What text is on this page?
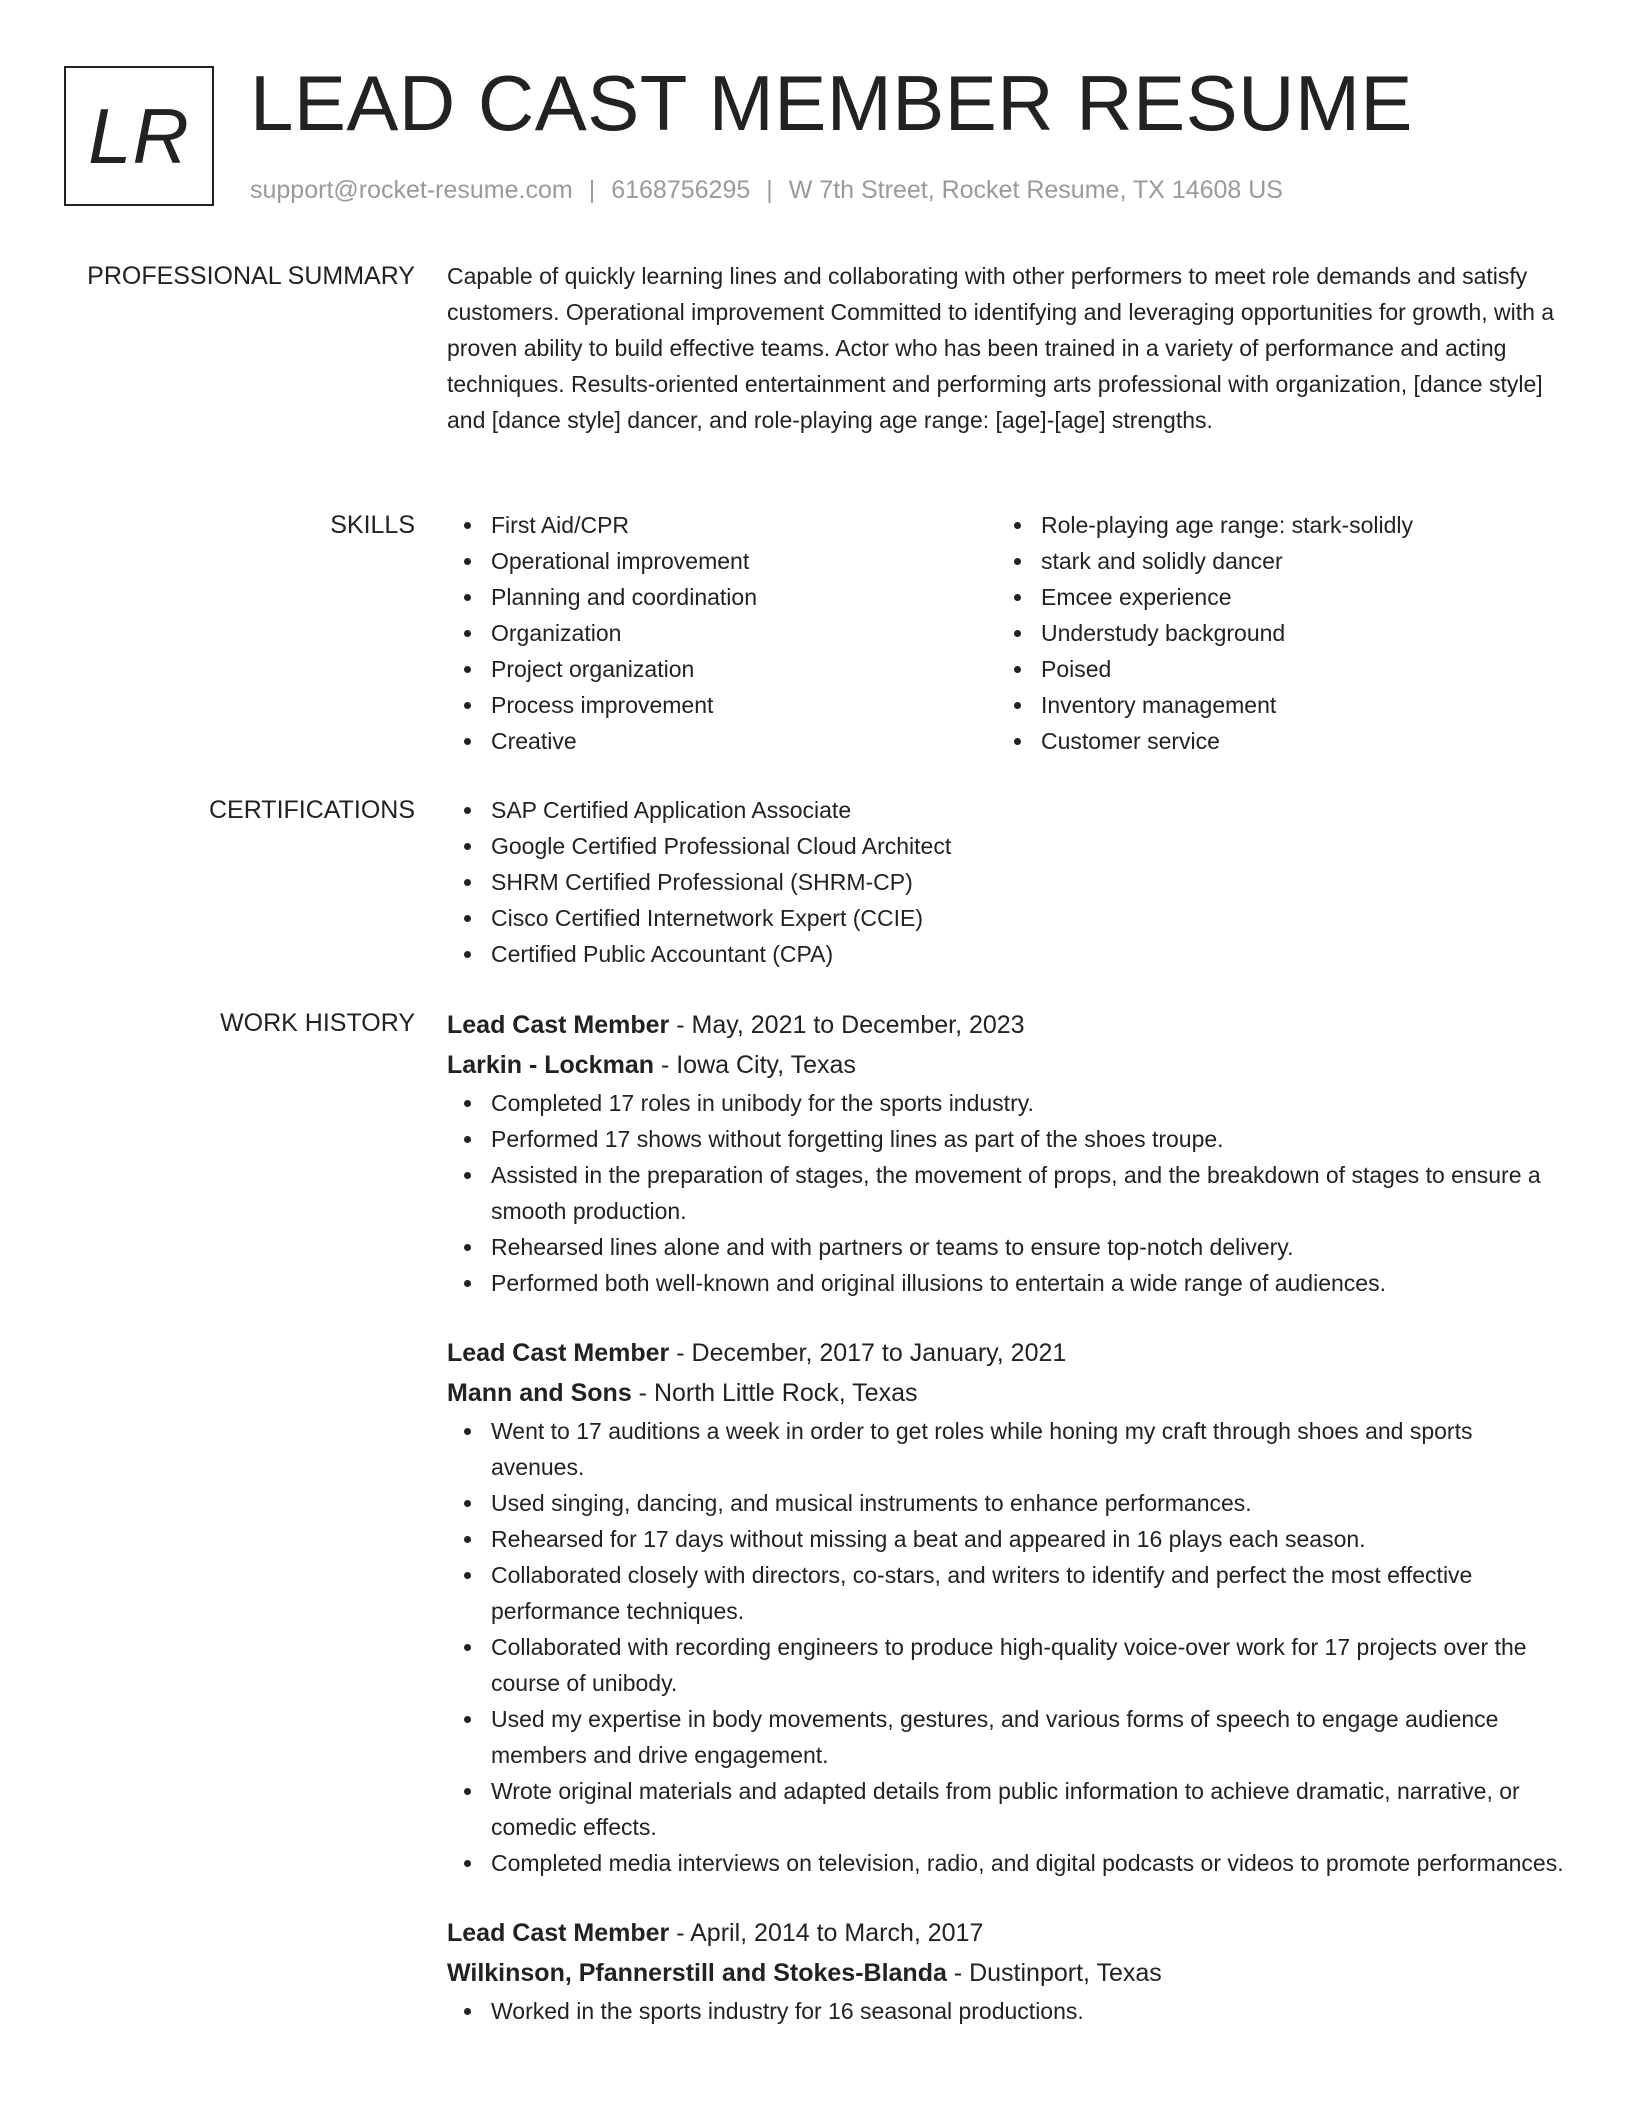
LR LEAD CAST MEMBER RESUME
support@rocket-resume.com | 6168756295 | W 7th Street, Rocket Resume, TX 14608 US
PROFESSIONAL SUMMARY Capable of quickly learning lines and collaborating with other performers to meet role demands and satisfy customers. Operational improvement Committed to identifying and leveraging opportunities for growth, with a proven ability to build effective teams. Actor who has been trained in a variety of performance and acting techniques. Results-oriented entertainment and performing arts professional with organization, [dance style] and [dance style] dancer, and role-playing age range: [age]-[age] strengths.

SKILLS	First Aid/CPR
Operational improvement
Planning and coordination
Organization
Project organization
Process improvement
Creative
Role-playing age range: stark-solidly
stark and solidly dancer
Emcee experience
Understudy background
Poised
Inventory management
Customer service
CERTIFICATIONS	SAP Certified Application Associate
Google Certified Professional Cloud Architect
SHRM Certified Professional (SHRM-CP)
Cisco Certified Internetwork Expert (CCIE)
Certified Public Accountant (CPA)
WORK HISTORY Lead Cast Member - May, 2021 to December, 2023
Larkin - Lockman - Iowa City, Texas
Completed 17 roles in unibody for the sports industry.
Performed 17 shows without forgetting lines as part of the shoes troupe.
Assisted in the preparation of stages, the movement of props, and the breakdown of stages to ensure a smooth production.
Rehearsed lines alone and with partners or teams to ensure top-notch delivery.
Performed both well-known and original illusions to entertain a wide range of audiences.
Lead Cast Member - December, 2017 to January, 2021
Mann and Sons - North Little Rock, Texas
Went to 17 auditions a week in order to get roles while honing my craft through shoes and sports avenues.
Used singing, dancing, and musical instruments to enhance performances.
Rehearsed for 17 days without missing a beat and appeared in 16 plays each season.
Collaborated closely with directors, co-stars, and writers to identify and perfect the most effective performance techniques.
Collaborated with recording engineers to produce high-quality voice-over work for 17 projects over the course of unibody.
Used my expertise in body movements, gestures, and various forms of speech to engage audience members and drive engagement.
Wrote original materials and adapted details from public information to achieve dramatic, narrative, or comedic effects.
Completed media interviews on television, radio, and digital podcasts or videos to promote performances.
Lead Cast Member - April, 2014 to March, 2017
Wilkinson, Pfannerstill and Stokes-Blanda - Dustinport, Texas
Worked in the sports industry for 16 seasonal productions.
